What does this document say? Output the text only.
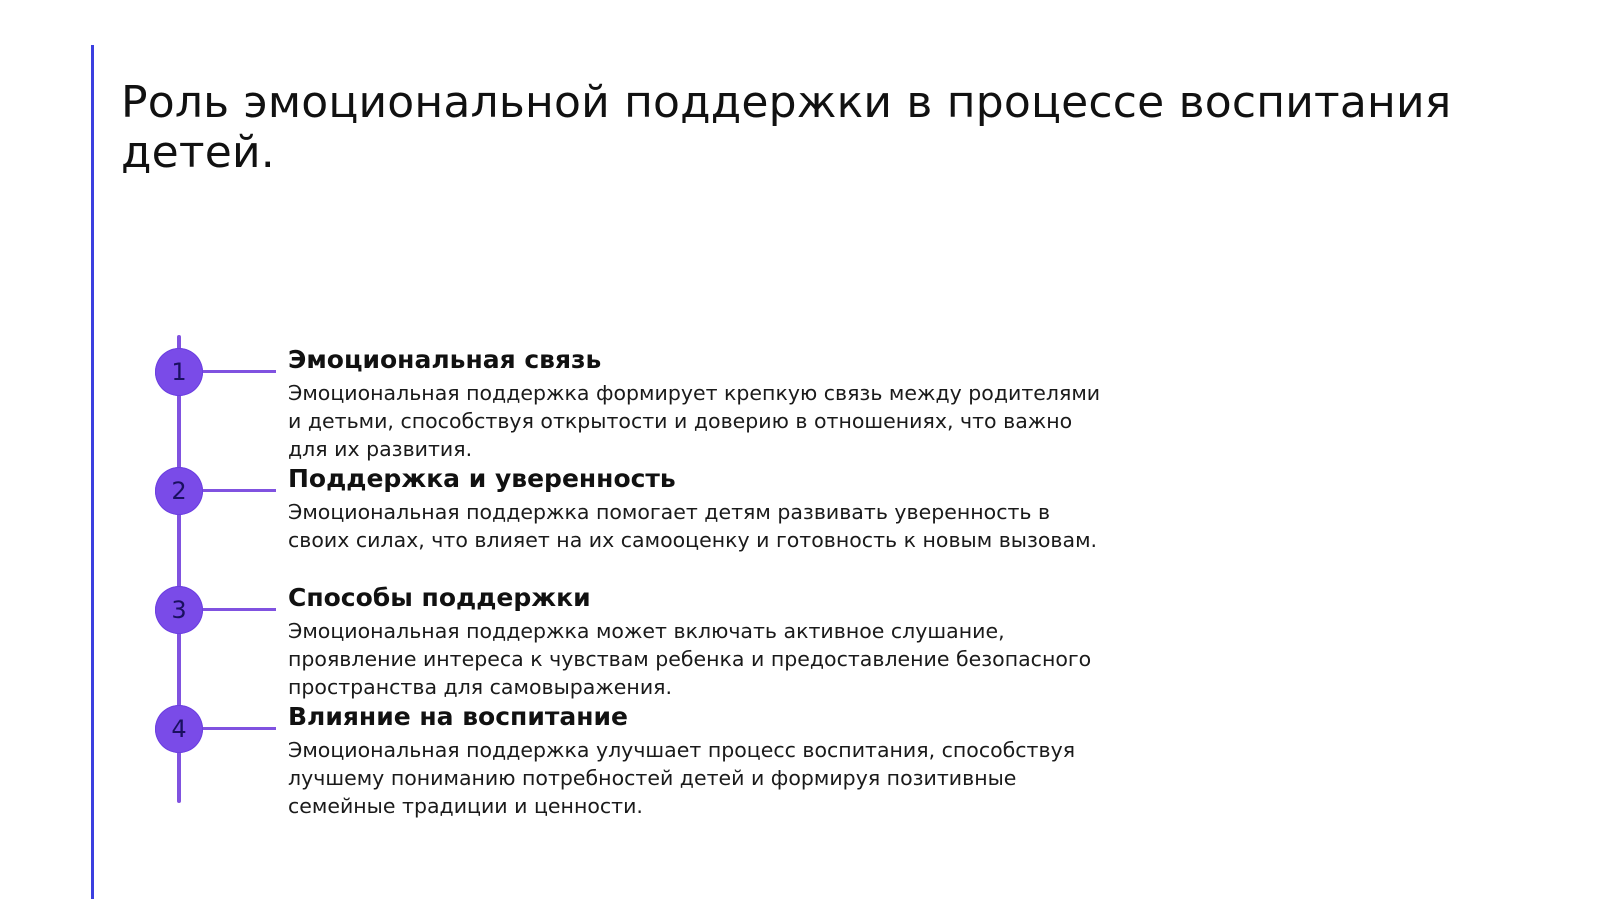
Роль эмоциональной поддержки в процессе воспитания детей.
1	Эмоциональная связь

Эмоциональная поддержка формирует крепкую связь между родителями и детьми, способствуя открытости и доверию в отношениях, что важно для их развития.

2	Поддержка и уверенность

Эмоциональная поддержка помогает детям развивать уверенность в своих силах, что влияет на их самооценку и готовность к новым вызовам.

3	Способы поддержки

Эмоциональная поддержка может включать активное слушание, проявление интереса к чувствам ребенка и предоставление безопасного пространства для самовыражения.

4	Влияние на воспитание

Эмоциональная поддержка улучшает процесс воспитания, способствуя лучшему пониманию потребностей детей и формируя позитивные семейные традиции и ценности.
